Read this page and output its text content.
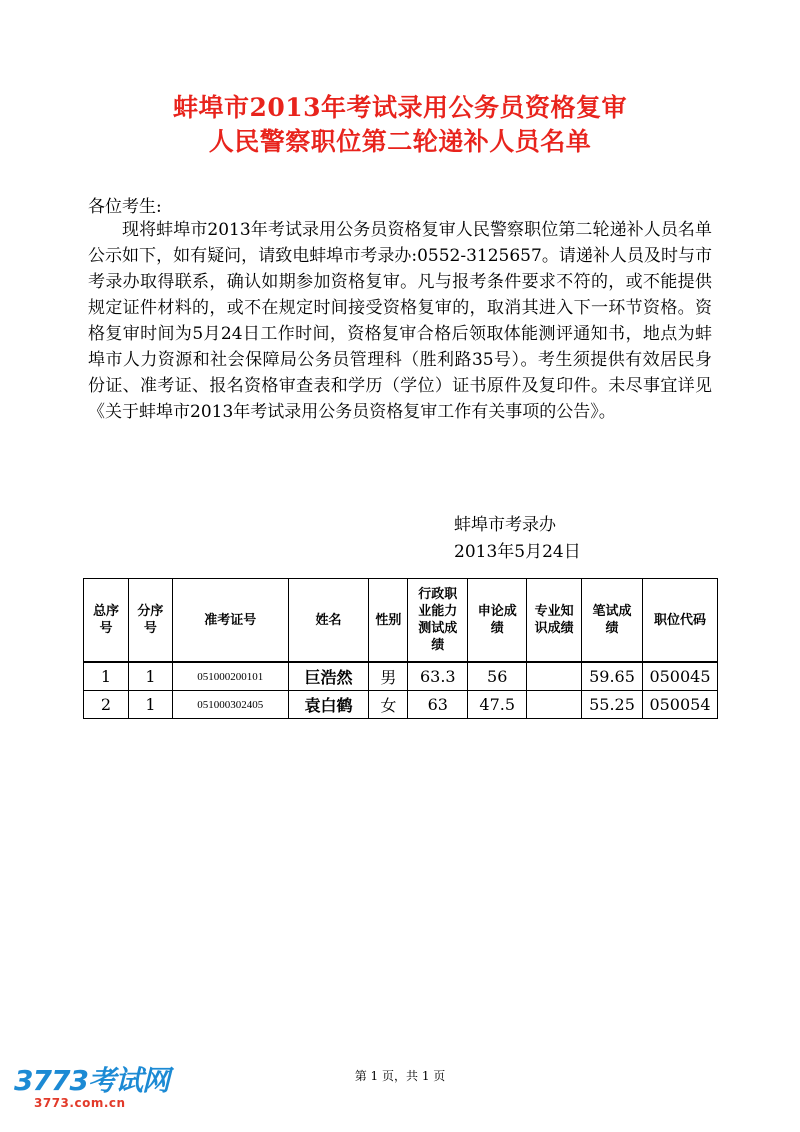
蚌埠市2013年考试录用公务员资格复审
人民警察职位第二轮递补人员名单
各位考生:
现将蚌埠市2013年考试录用公务员资格复审人民警察职位第二轮递补人员名单公示如下，如有疑问，请致电蚌埠市考录办:0552-3125657。请递补人员及时与市考录办取得联系，确认如期参加资格复审。凡与报考条件要求不符的，或不能提供规定证件材料的，或不在规定时间接受资格复审的，取消其进入下一环节资格。资格复审时间为5月24日工作时间，资格复审合格后领取体能测评通知书，地点为蚌埠市人力资源和社会保障局公务员管理科（胜利路35号）。考生须提供有效居民身份证、准考证、报名资格审查表和学历（学位）证书原件及复印件。未尽事宜详见《关于蚌埠市2013年考试录用公务员资格复审工作有关事项的公告》。
蚌埠市考录办
2013年5月24日
总序号	分序号	准考证号	姓名	性别	行政职业能力测试成绩	申论成绩	专业知识成绩	笔试成绩	职位代码
1	1	051000200101	巨浩然	男	63.3	56		59.65	050045
2	1	051000302405	袁白鹤	女	63	47.5		55.25	050054
第 1 页，共 1 页
3773考试网
3773.com.cn
